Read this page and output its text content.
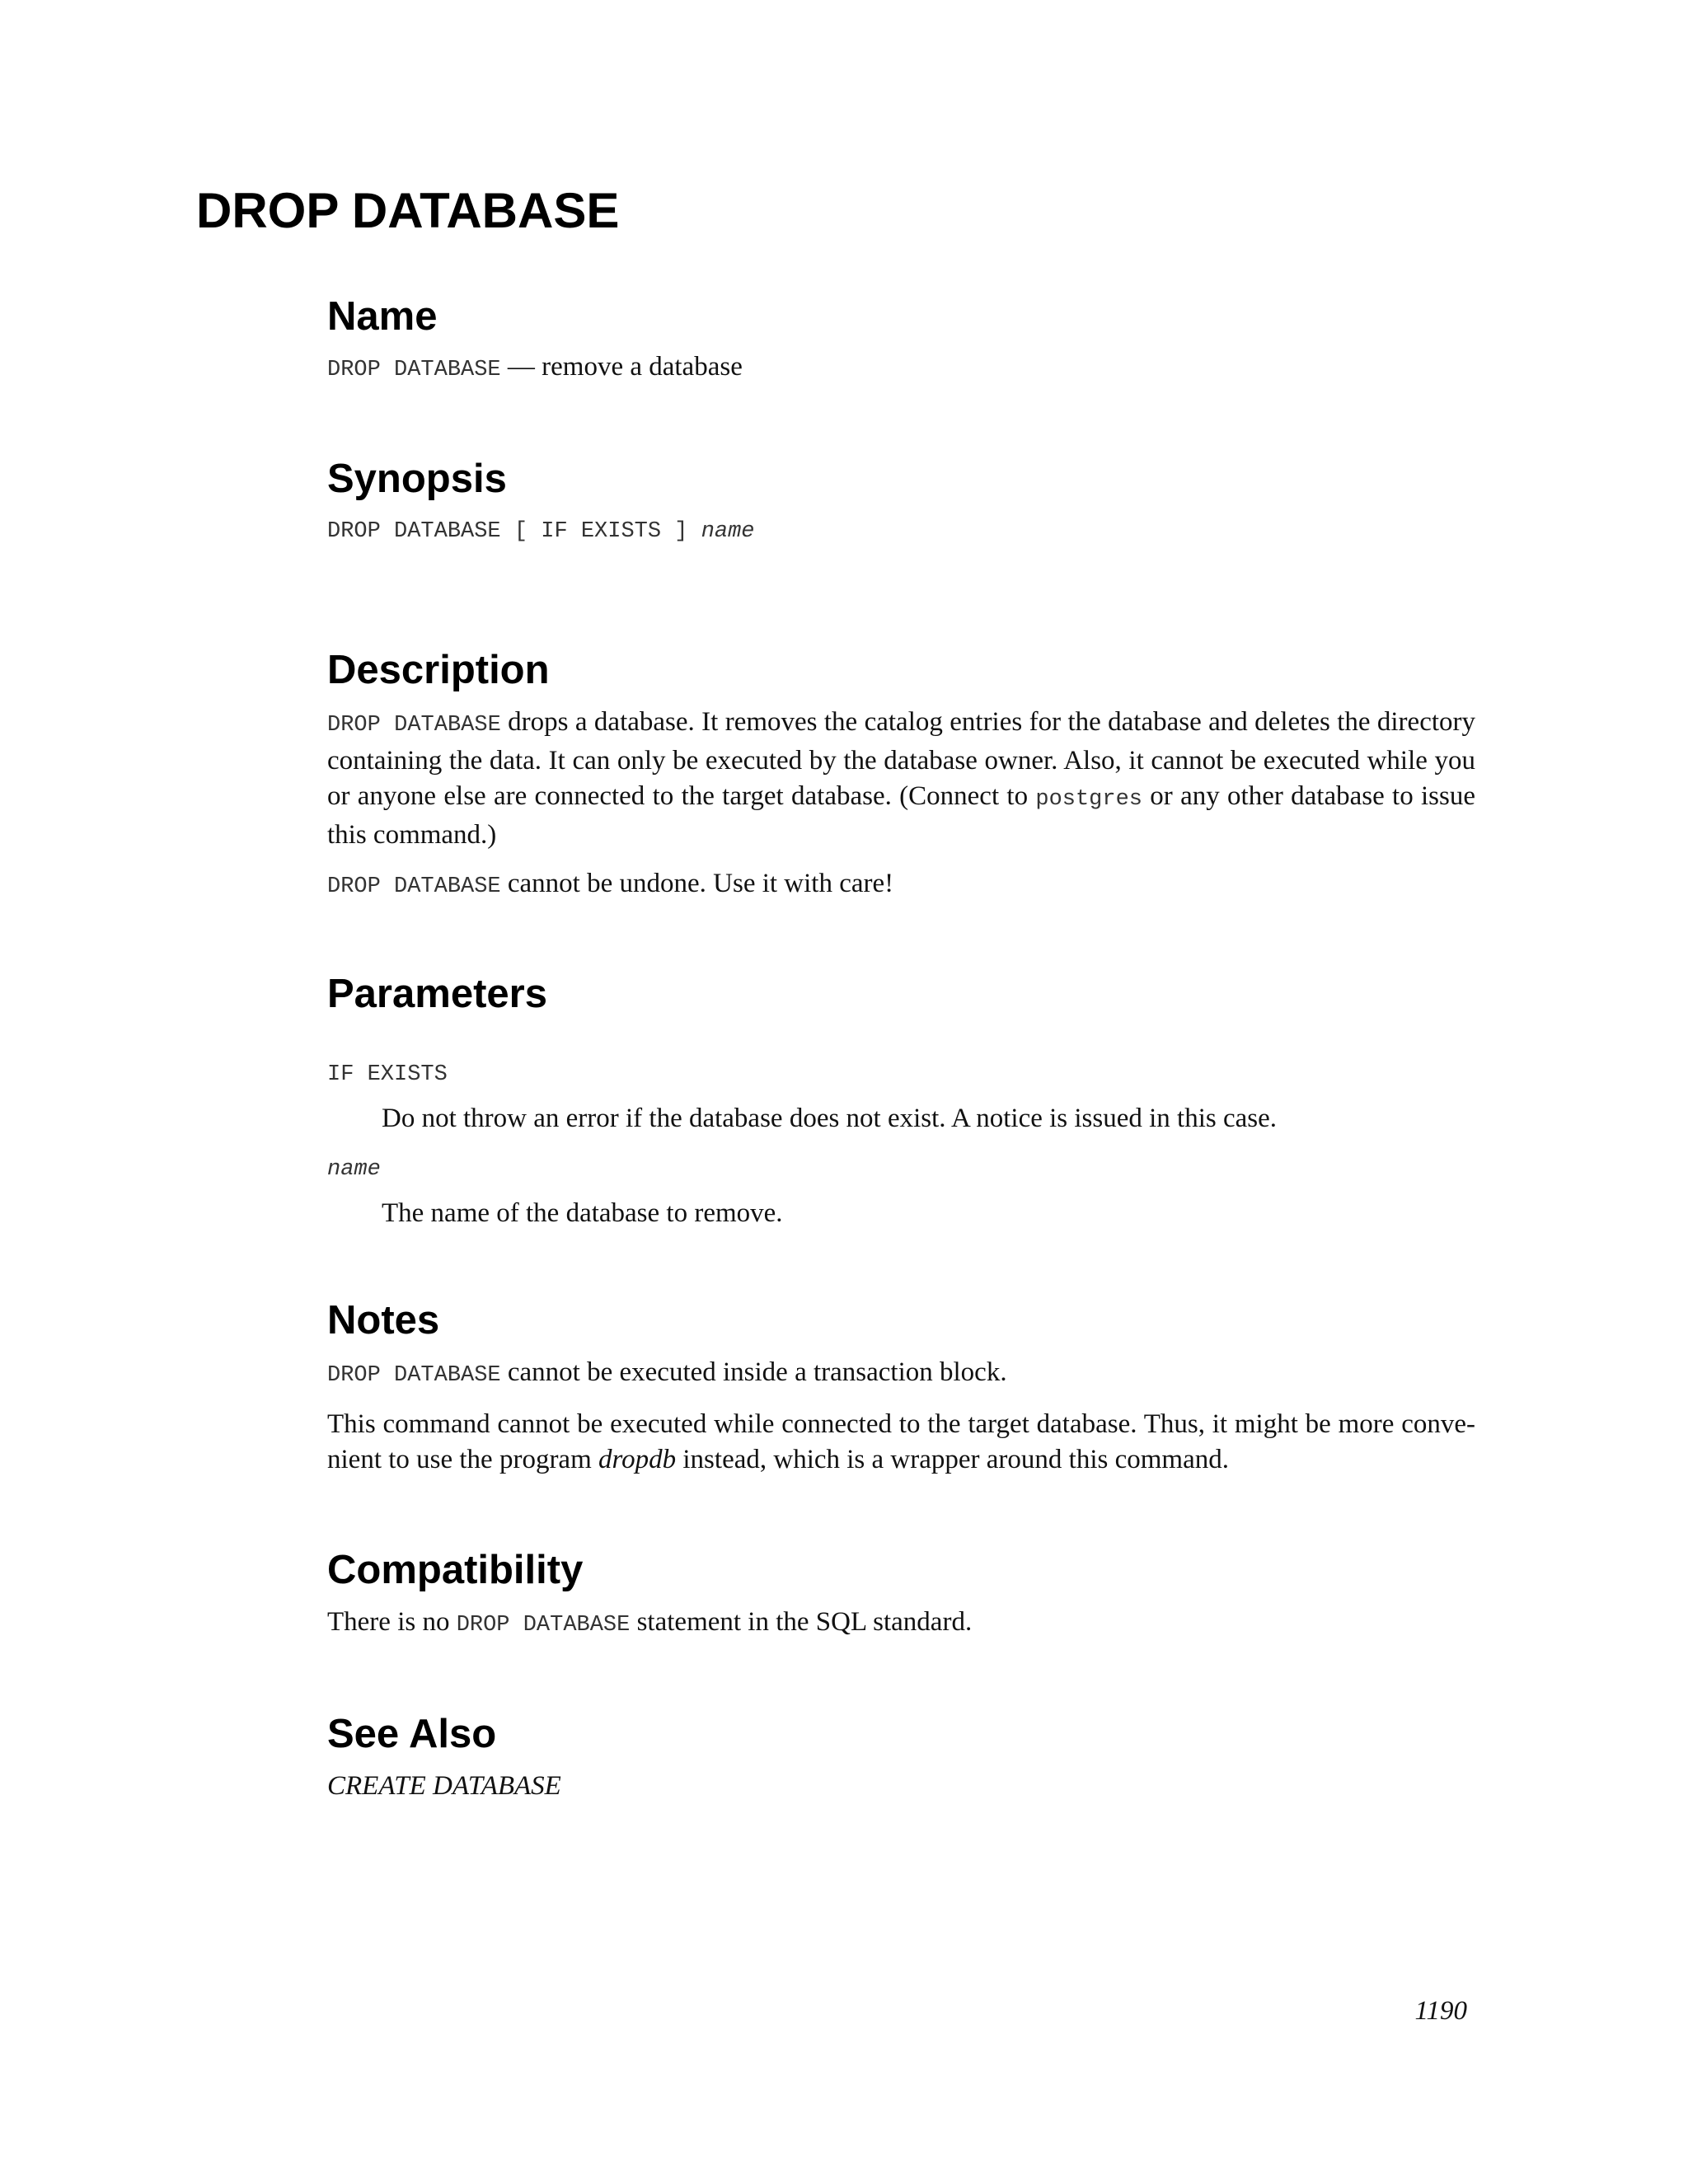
DROP DATABASE
Name

DROP DATABASE — remove a database

Synopsis

DROP DATABASE [ IF EXISTS ] name

Description

DROP DATABASE drops a database. It removes the catalog entries for the database and deletes the directory containing the data. It can only be executed by the database owner. Also, it cannot be executed while you or anyone else are connected to the target database. (Connect to postgres or any other database to issue this command.)

DROP DATABASE cannot be undone. Use it with care!

Parameters

IF EXISTS

Do not throw an error if the database does not exist. A notice is issued in this case.

name

The name of the database to remove.

Notes

DROP DATABASE cannot be executed inside a transaction block.

This command cannot be executed while connected to the target database. Thus, it might be more conve-nient to use the program dropdb instead, which is a wrapper around this command.

Compatibility

There is no DROP DATABASE statement in the SQL standard.

See Also

CREATE DATABASE

1190
